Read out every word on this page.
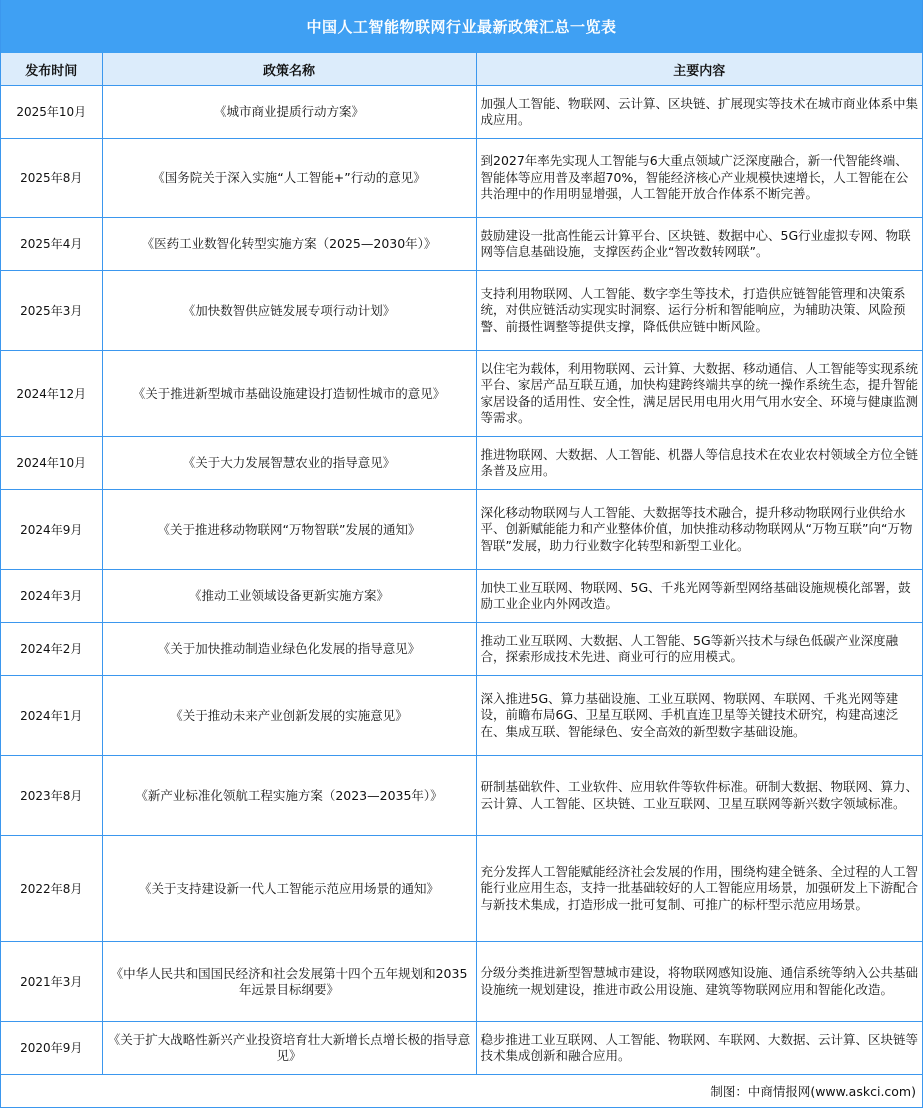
中国人工智能物联网行业最新政策汇总一览表
发布时间	政策名称	主要内容
2025年10月	《城市商业提质行动方案》	加强人工智能、物联网、云计算、区块链、扩展现实等技术在城市商业体系中集成应用。
2025年8月	《国务院关于深入实施“人工智能+”行动的意见》	到2027年率先实现人工智能与6大重点领域广泛深度融合，新一代智能终端、智能体等应用普及率超70%，智能经济核心产业规模快速增长，人工智能在公共治理中的作用明显增强，人工智能开放合作体系不断完善。
2025年4月	《医药工业数智化转型实施方案（2025—2030年）》	鼓励建设一批高性能云计算平台、区块链、数据中心、5G行业虚拟专网、物联网等信息基础设施，支撑医药企业“智改数转网联”。
2025年3月	《加快数智供应链发展专项行动计划》	支持利用物联网、人工智能、数字孪生等技术，打造供应链智能管理和决策系统，对供应链活动实现实时洞察、运行分析和智能响应，为辅助决策、风险预警、前摄性调整等提供支撑，降低供应链中断风险。
2024年12月	《关于推进新型城市基础设施建设打造韧性城市的意见》	以住宅为载体，利用物联网、云计算、大数据、移动通信、人工智能等实现系统平台、家居产品互联互通，加快构建跨终端共享的统一操作系统生态，提升智能家居设备的适用性、安全性，满足居民用电用火用气用水安全、环境与健康监测等需求。
2024年10月	《关于大力发展智慧农业的指导意见》	推进物联网、大数据、人工智能、机器人等信息技术在农业农村领域全方位全链条普及应用。
2024年9月	《关于推进移动物联网“万物智联”发展的通知》	深化移动物联网与人工智能、大数据等技术融合，提升移动物联网行业供给水平、创新赋能能力和产业整体价值，加快推动移动物联网从“万物互联”向“万物智联”发展，助力行业数字化转型和新型工业化。
2024年3月	《推动工业领域设备更新实施方案》	加快工业互联网、物联网、5G、千兆光网等新型网络基础设施规模化部署，鼓励工业企业内外网改造。
2024年2月	《关于加快推动制造业绿色化发展的指导意见》	推动工业互联网、大数据、人工智能、5G等新兴技术与绿色低碳产业深度融合，探索形成技术先进、商业可行的应用模式。
2024年1月	《关于推动未来产业创新发展的实施意见》	深入推进5G、算力基础设施、工业互联网、物联网、车联网、千兆光网等建设，前瞻布局6G、卫星互联网、手机直连卫星等关键技术研究，构建高速泛在、集成互联、智能绿色、安全高效的新型数字基础设施。
2023年8月	《新产业标准化领航工程实施方案（2023—2035年）》	研制基础软件、工业软件、应用软件等软件标准。研制大数据、物联网、算力、云计算、人工智能、区块链、工业互联网、卫星互联网等新兴数字领域标准。
2022年8月	《关于支持建设新一代人工智能示范应用场景的通知》	充分发挥人工智能赋能经济社会发展的作用，围绕构建全链条、全过程的人工智能行业应用生态，支持一批基础较好的人工智能应用场景，加强研发上下游配合与新技术集成，打造形成一批可复制、可推广的标杆型示范应用场景。
2021年3月	《中华人民共和国国民经济和社会发展第十四个五年规划和2035年远景目标纲要》	分级分类推进新型智慧城市建设，将物联网感知设施、通信系统等纳入公共基础设施统一规划建设，推进市政公用设施、建筑等物联网应用和智能化改造。
2020年9月	《关于扩大战略性新兴产业投资培育壮大新增长点增长极的指导意见》	稳步推进工业互联网、人工智能、物联网、车联网、大数据、云计算、区块链等技术集成创新和融合应用。
制图：中商情报网(www.askci.com)
